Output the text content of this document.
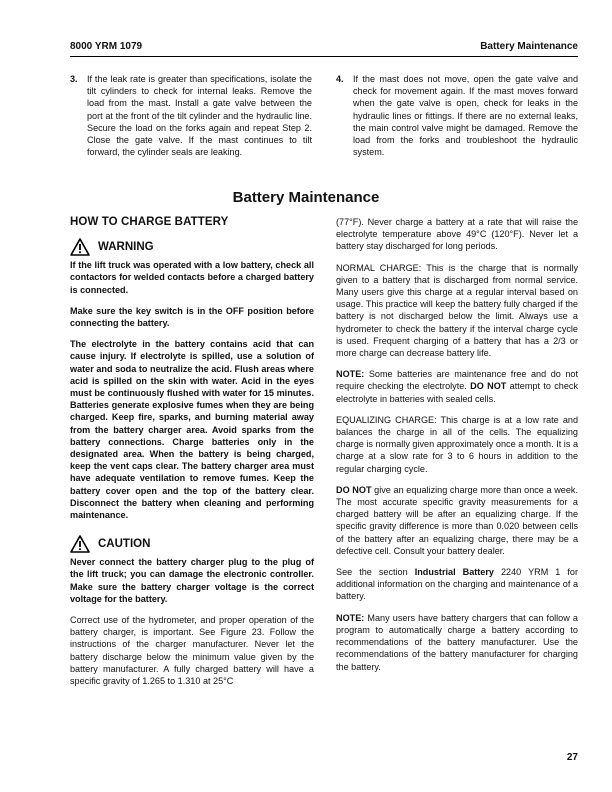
8000 YRM 1079	Battery Maintenance
3.	If the leak rate is greater than specifications, isolate the tilt cylinders to check for internal leaks. Remove the load from the mast. Install a gate valve between the port at the front of the tilt cylinder and the hydraulic line. Secure the load on the forks again and repeat Step 2. Close the gate valve. If the mast continues to tilt forward, the cylinder seals are leaking.
4.	If the mast does not move, open the gate valve and check for movement again. If the mast moves forward when the gate valve is open, check for leaks in the hydraulic lines or fittings. If there are no external leaks, the main control valve might be damaged. Remove the load from the forks and troubleshoot the hydraulic system.
Battery Maintenance
HOW TO CHARGE BATTERY
WARNING

If the lift truck was operated with a low battery, check all contactors for welded contacts before a charged battery is connected.

Make sure the key switch is in the OFF position before connecting the battery.

The electrolyte in the battery contains acid that can cause injury. If electrolyte is spilled, use a solution of water and soda to neutralize the acid. Flush areas where acid is spilled on the skin with water. Acid in the eyes must be continuously flushed with water for 15 minutes. Batteries generate explosive fumes when they are being charged. Keep fire, sparks, and burning material away from the battery charger area. Avoid sparks from the battery connections. Charge batteries only in the designated area. When the battery is being charged, keep the vent caps clear. The battery charger area must have adequate ventilation to remove fumes. Keep the battery cover open and the top of the battery clear. Disconnect the battery when cleaning and performing maintenance.

CAUTION

Never connect the battery charger plug to the plug of the lift truck; you can damage the electronic controller. Make sure the battery charger voltage is the correct voltage for the battery.

Correct use of the hydrometer, and proper operation of the battery charger, is important. See Figure 23. Follow the instructions of the charger manufacturer. Never let the battery discharge below the minimum value given by the battery manufacturer. A fully charged battery will have a specific gravity of 1.265 to 1.310 at 25°C

(77°F). Never charge a battery at a rate that will raise the electrolyte temperature above 49°C (120°F). Never let a battery stay discharged for long periods.

NORMAL CHARGE: This is the charge that is normally given to a battery that is discharged from normal service. Many users give this charge at a regular interval based on usage. This practice will keep the battery fully charged if the battery is not discharged below the limit. Always use a hydrometer to check the battery if the interval charge cycle is used. Frequent charging of a battery that has a 2/3 or more charge can decrease battery life.

NOTE: Some batteries are maintenance free and do not require checking the electrolyte. DO NOT attempt to check electrolyte in batteries with sealed cells.

EQUALIZING CHARGE: This charge is at a low rate and balances the charge in all of the cells. The equalizing charge is normally given approximately once a month. It is a charge at a slow rate for 3 to 6 hours in addition to the regular charging cycle.

DO NOT give an equalizing charge more than once a week. The most accurate specific gravity measurements for a charged battery will be after an equalizing charge. If the specific gravity difference is more than 0.020 between cells of the battery after an equalizing charge, there may be a defective cell. Consult your battery dealer.

See the section Industrial Battery 2240 YRM 1 for additional information on the charging and maintenance of a battery.

NOTE: Many users have battery chargers that can follow a program to automatically charge a battery according to recommendations of the battery manufacturer. Use the recommendations of the battery manufacturer for charging the battery.

27
